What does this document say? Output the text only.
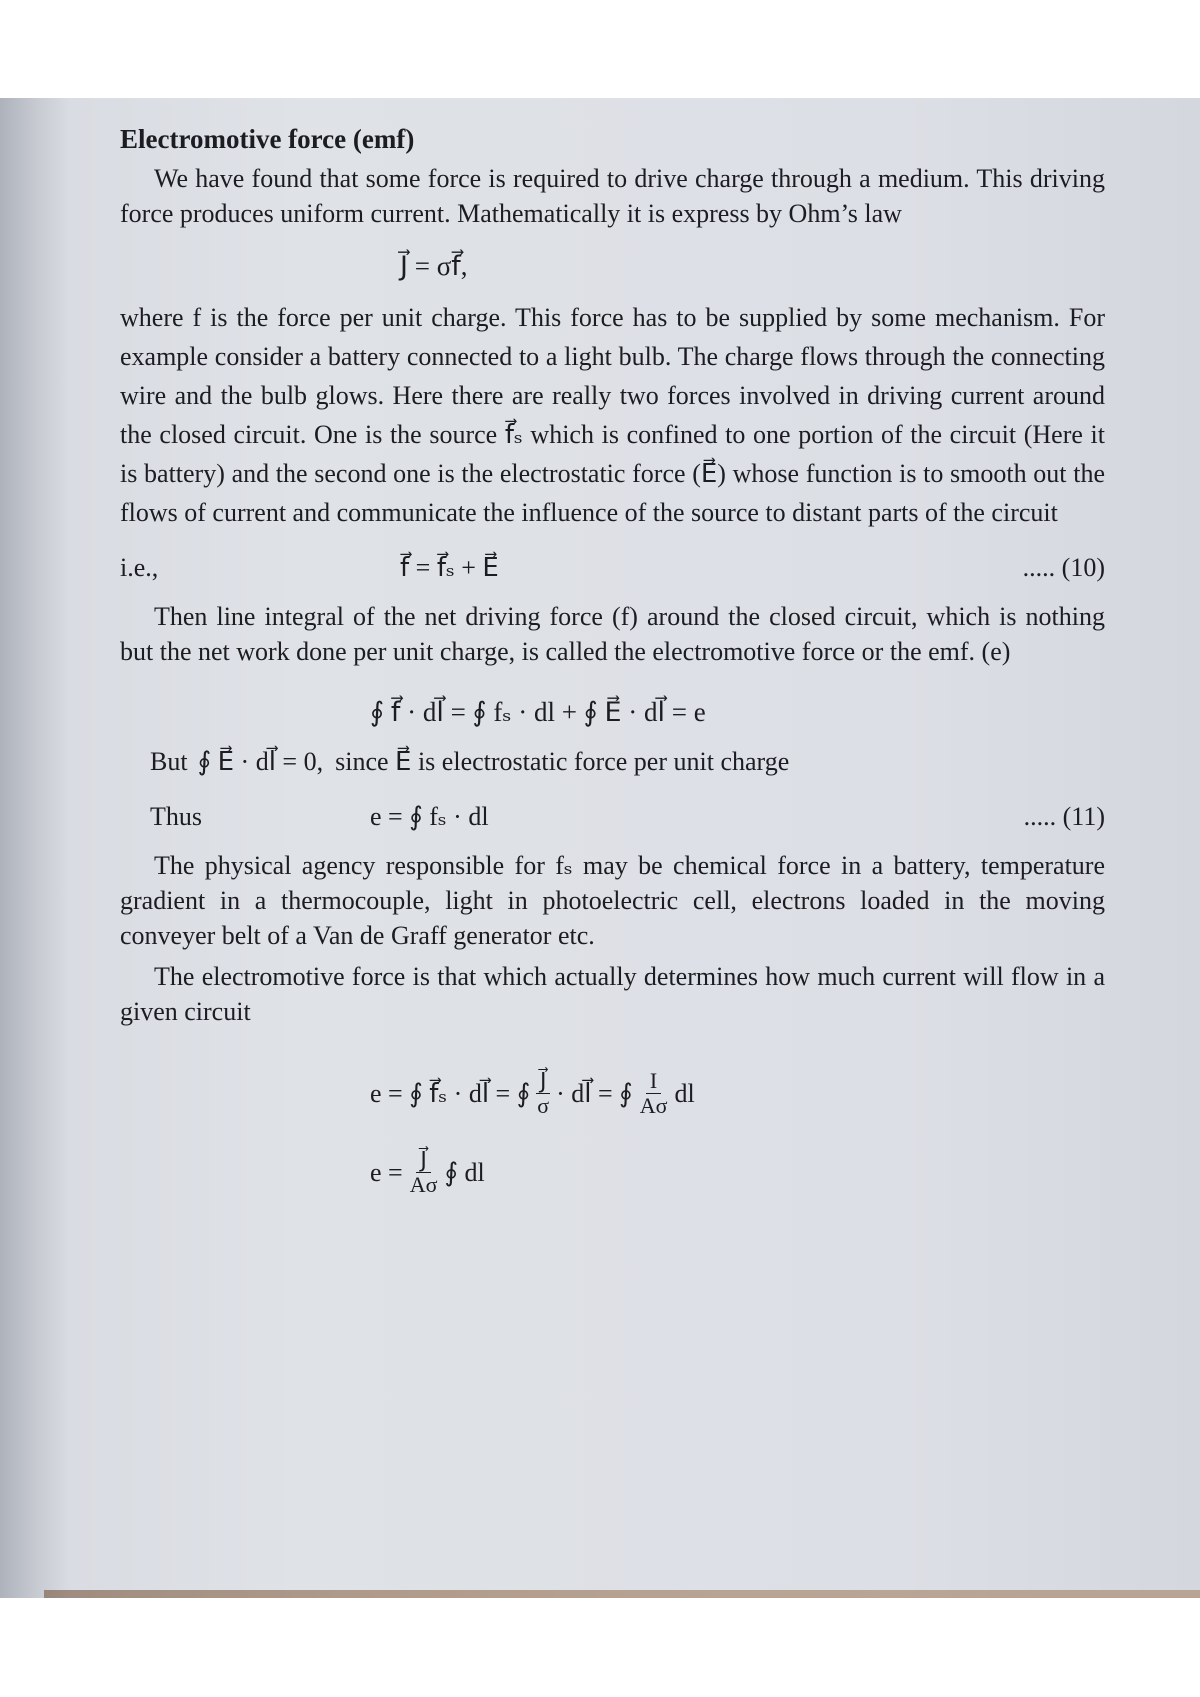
Electromotive force (emf)

We have found that some force is required to drive charge through a medium. This driving force produces uniform current. Mathematically it is express by Ohm’s law

J⃗ = σf⃗,

where f is the force per unit charge. This force has to be supplied by some mechanism. For example consider a battery connected to a light bulb. The charge flows through the connecting wire and the bulb glows. Here there are really two forces involved in driving current around the closed circuit. One is the source f⃗ₛ which is confined to one portion of the circuit (Here it is battery) and the second one is the electrostatic force (E⃗) whose function is to smooth out the flows of current and communicate the influence of the source to distant parts of the circuit

i.e.,	f⃗ = f⃗ₛ + E⃗	..... (10)

Then line integral of the net driving force (f) around the closed circuit, which is nothing but the net work done per unit charge, is called the electromotive force or the emf. (e)

∮ f⃗ · dl⃗ = ∮ fₛ · dl + ∮ E⃗ · dl⃗ = e
But ∮ E⃗ · dl⃗ = 0, since E⃗ is electrostatic force per unit charge
Thus	e = ∮ fₛ · dl	..... (11)

The physical agency responsible for fₛ may be chemical force in a battery, temperature gradient in a thermocouple, light in photoelectric cell, electrons loaded in the moving conveyer belt of a Van de Graff generator etc.

The electromotive force is that which actually determines how much current will flow in a given circuit

e = ∮ f⃗ₛ · dl⃗ = ∮ $\frac{J⃗}{\sigma}$ · dl⃗ = ∮ $\frac{I}{A\sigma}$ dl
$e = \frac{J⃗}{A\sigma}$ ∮ dl
